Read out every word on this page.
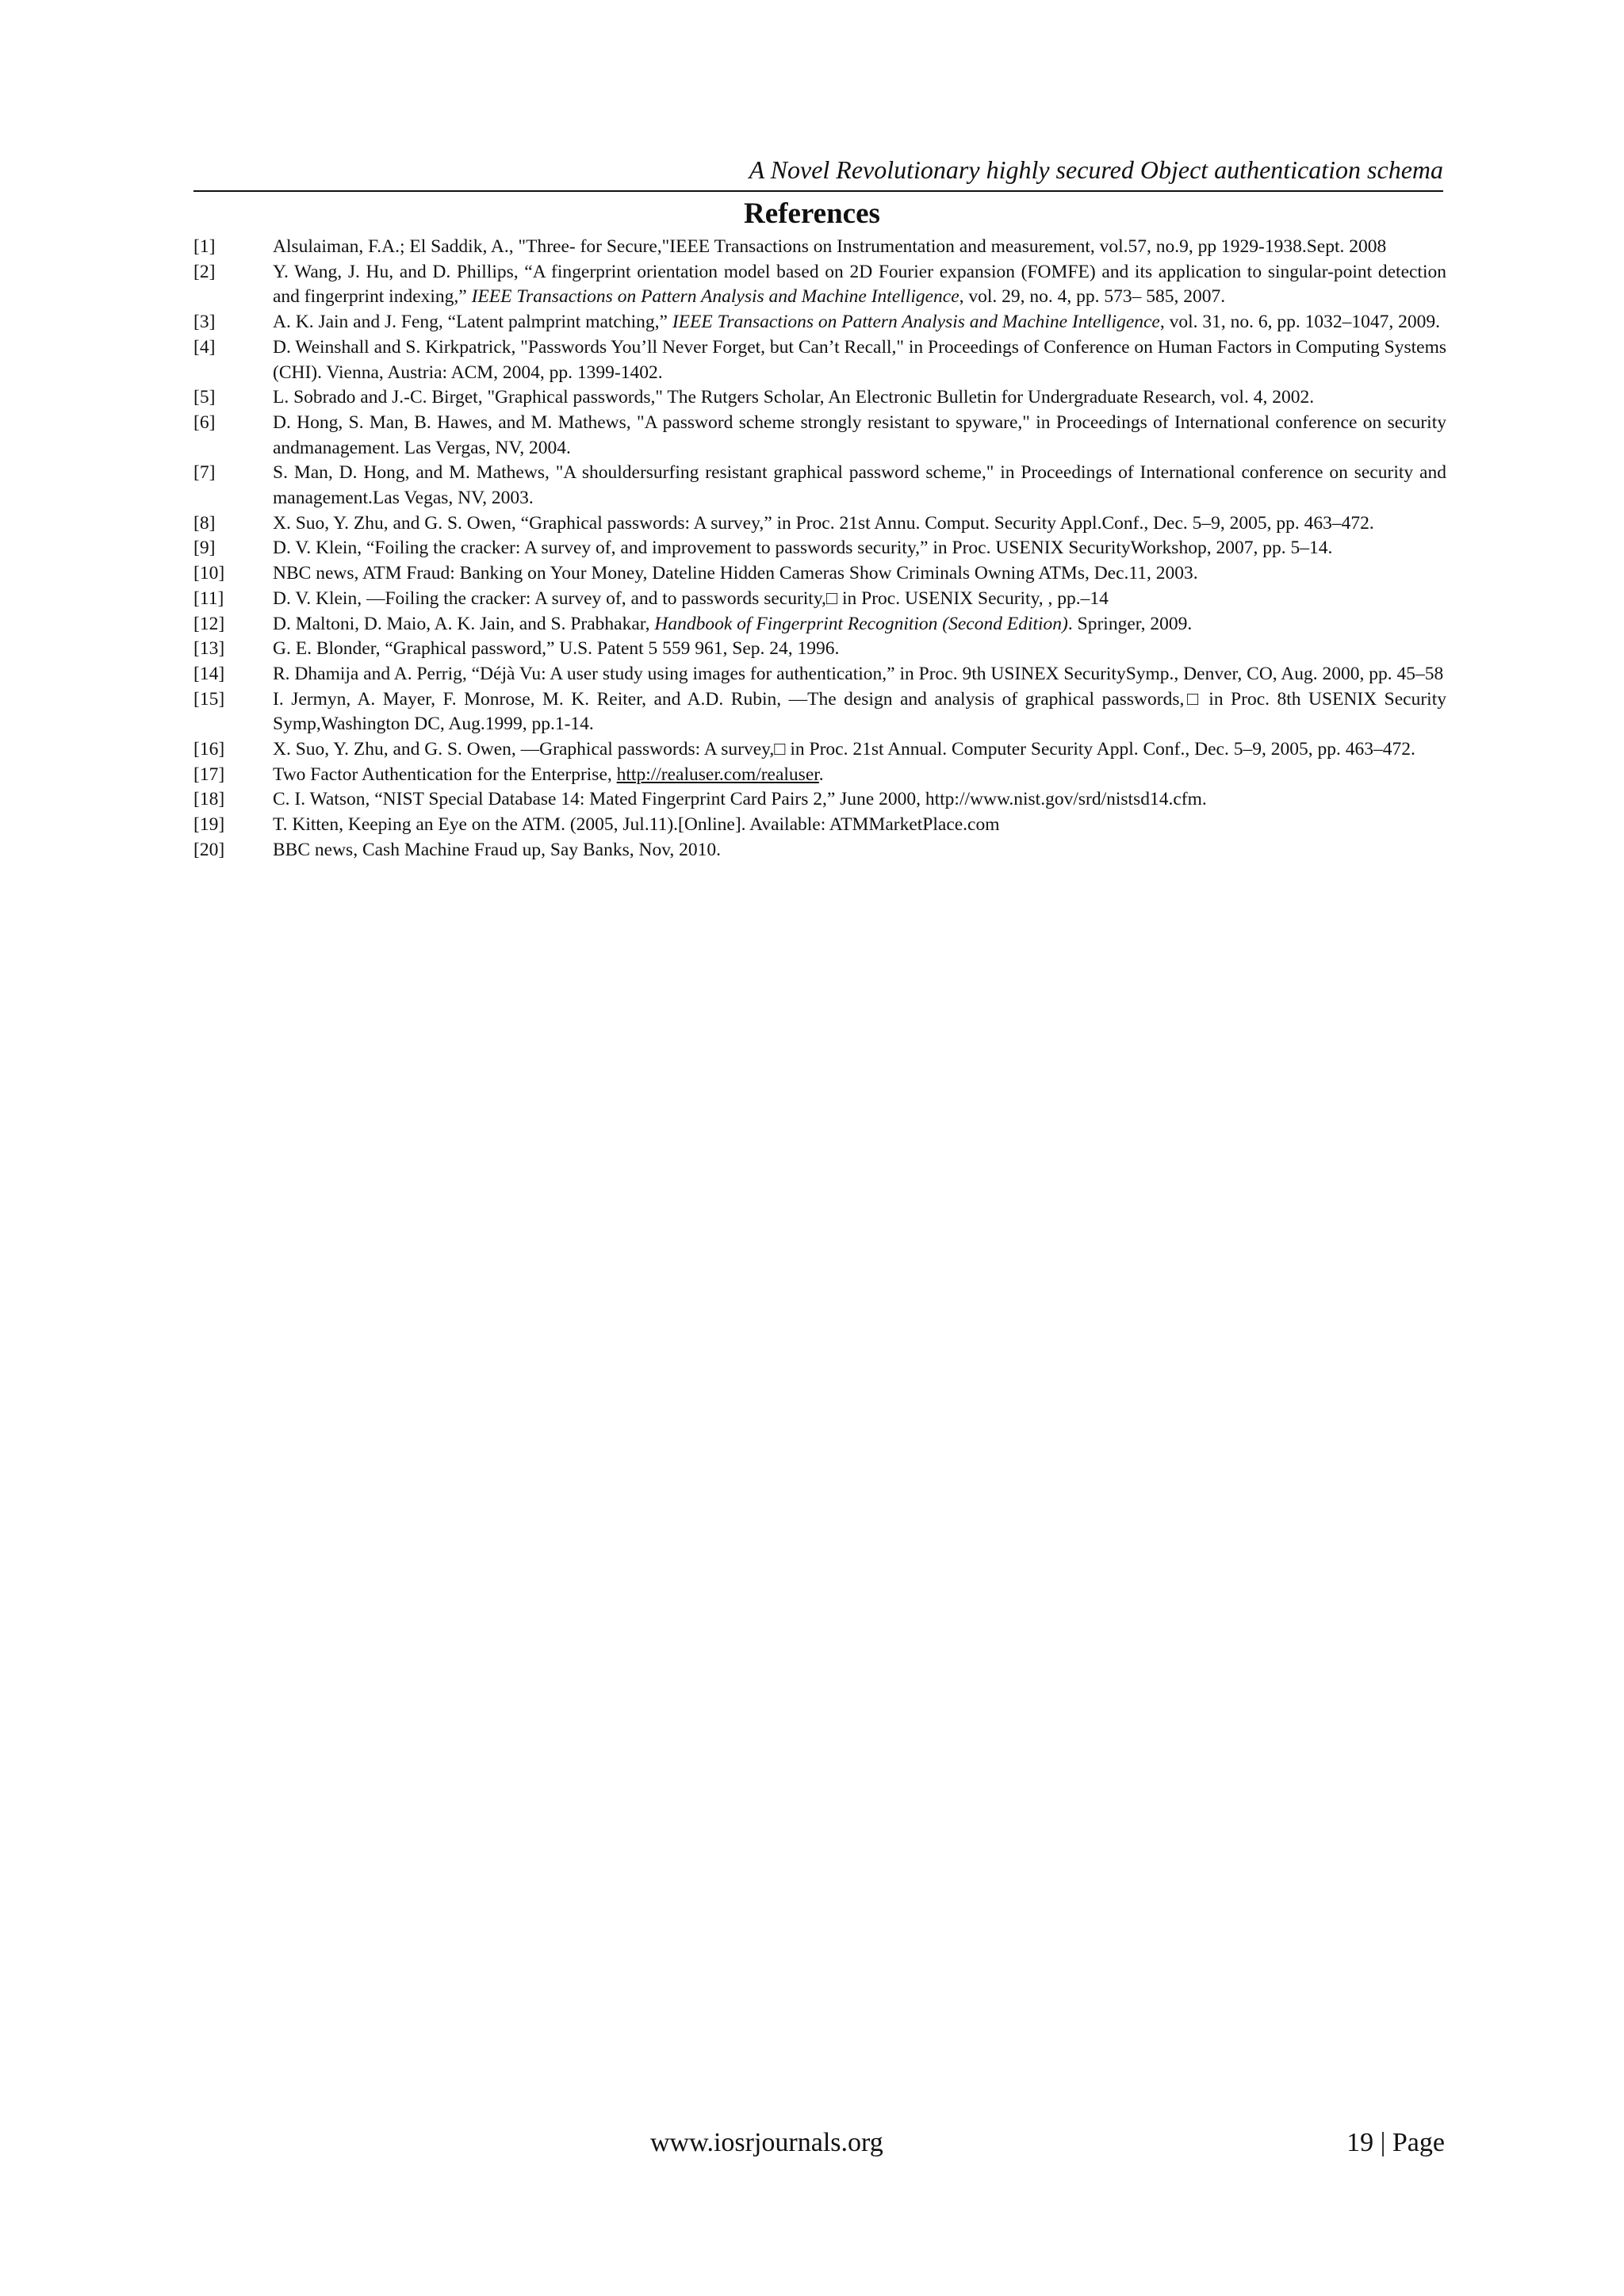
A Novel Revolutionary highly secured Object authentication schema
References
[1]	Alsulaiman, F.A.; El Saddik, A., "Three- for Secure,"IEEE Transactions on Instrumentation and measurement, vol.57, no.9, pp 1929-1938.Sept. 2008
[2]	Y. Wang, J. Hu, and D. Phillips, “A fingerprint orientation model based on 2D Fourier expansion (FOMFE) and its application to singular-point detection and fingerprint indexing,” IEEE Transactions on Pattern Analysis and Machine Intelligence, vol. 29, no. 4, pp. 573– 585, 2007.
[3]	A. K. Jain and J. Feng, “Latent palmprint matching,” IEEE Transactions on Pattern Analysis and Machine Intelligence, vol. 31, no. 6, pp. 1032–1047, 2009.
[4]	D. Weinshall and S. Kirkpatrick, "Passwords You’ll Never Forget, but Can’t Recall," in Proceedings of Conference on Human Factors in Computing Systems (CHI). Vienna, Austria: ACM, 2004, pp. 1399-1402.
[5]	L. Sobrado and J.-C. Birget, "Graphical passwords," The Rutgers Scholar, An Electronic Bulletin for Undergraduate Research, vol. 4, 2002.
[6]	D. Hong, S. Man, B. Hawes, and M. Mathews, "A password scheme strongly resistant to spyware," in Proceedings of International conference on security andmanagement. Las Vergas, NV, 2004.
[7]	S. Man, D. Hong, and M. Mathews, "A shouldersurfing resistant graphical password scheme," in Proceedings of International conference on security and management.Las Vegas, NV, 2003.
[8]	X. Suo, Y. Zhu, and G. S. Owen, “Graphical passwords: A survey,” in Proc. 21st Annu. Comput. Security Appl.Conf., Dec. 5–9, 2005, pp. 463–472.
[9]	D. V. Klein, “Foiling the cracker: A survey of, and improvement to passwords security,” in Proc. USENIX SecurityWorkshop, 2007, pp. 5–14.
[10]	NBC news, ATM Fraud: Banking on Your Money, Dateline Hidden Cameras Show Criminals Owning ATMs, Dec.11, 2003.
[11]	D. V. Klein, ―Foiling the cracker: A survey of, and to passwords security,□ in Proc. USENIX Security, , pp.–14
[12]	D. Maltoni, D. Maio, A. K. Jain, and S. Prabhakar, Handbook of Fingerprint Recognition (Second Edition). Springer, 2009.
[13]	G. E. Blonder, “Graphical password,” U.S. Patent 5 559 961, Sep. 24, 1996.
[14]	R. Dhamija and A. Perrig, “Déjà Vu: A user study using images for authentication,” in Proc. 9th USINEX SecuritySymp., Denver, CO, Aug. 2000, pp. 45–58
[15]	I. Jermyn, A. Mayer, F. Monrose, M. K. Reiter, and A.D. Rubin, ―The design and analysis of graphical passwords,□ in Proc. 8th USENIX Security Symp,Washington DC, Aug.1999, pp.1-14.
[16]	X. Suo, Y. Zhu, and G. S. Owen, ―Graphical passwords: A survey,□ in Proc. 21st Annual. Computer Security Appl. Conf., Dec. 5–9, 2005, pp. 463–472.
[17]	Two Factor Authentication for the Enterprise, http://realuser.com/realuser.
[18]	C. I. Watson, “NIST Special Database 14: Mated Fingerprint Card Pairs 2,” June 2000, http://www.nist.gov/srd/nistsd14.cfm.
[19]	T. Kitten, Keeping an Eye on the ATM. (2005, Jul.11).[Online]. Available: ATMMarketPlace.com
[20]	BBC news, Cash Machine Fraud up, Say Banks, Nov, 2010.
www.iosrjournals.org	19 | Page
